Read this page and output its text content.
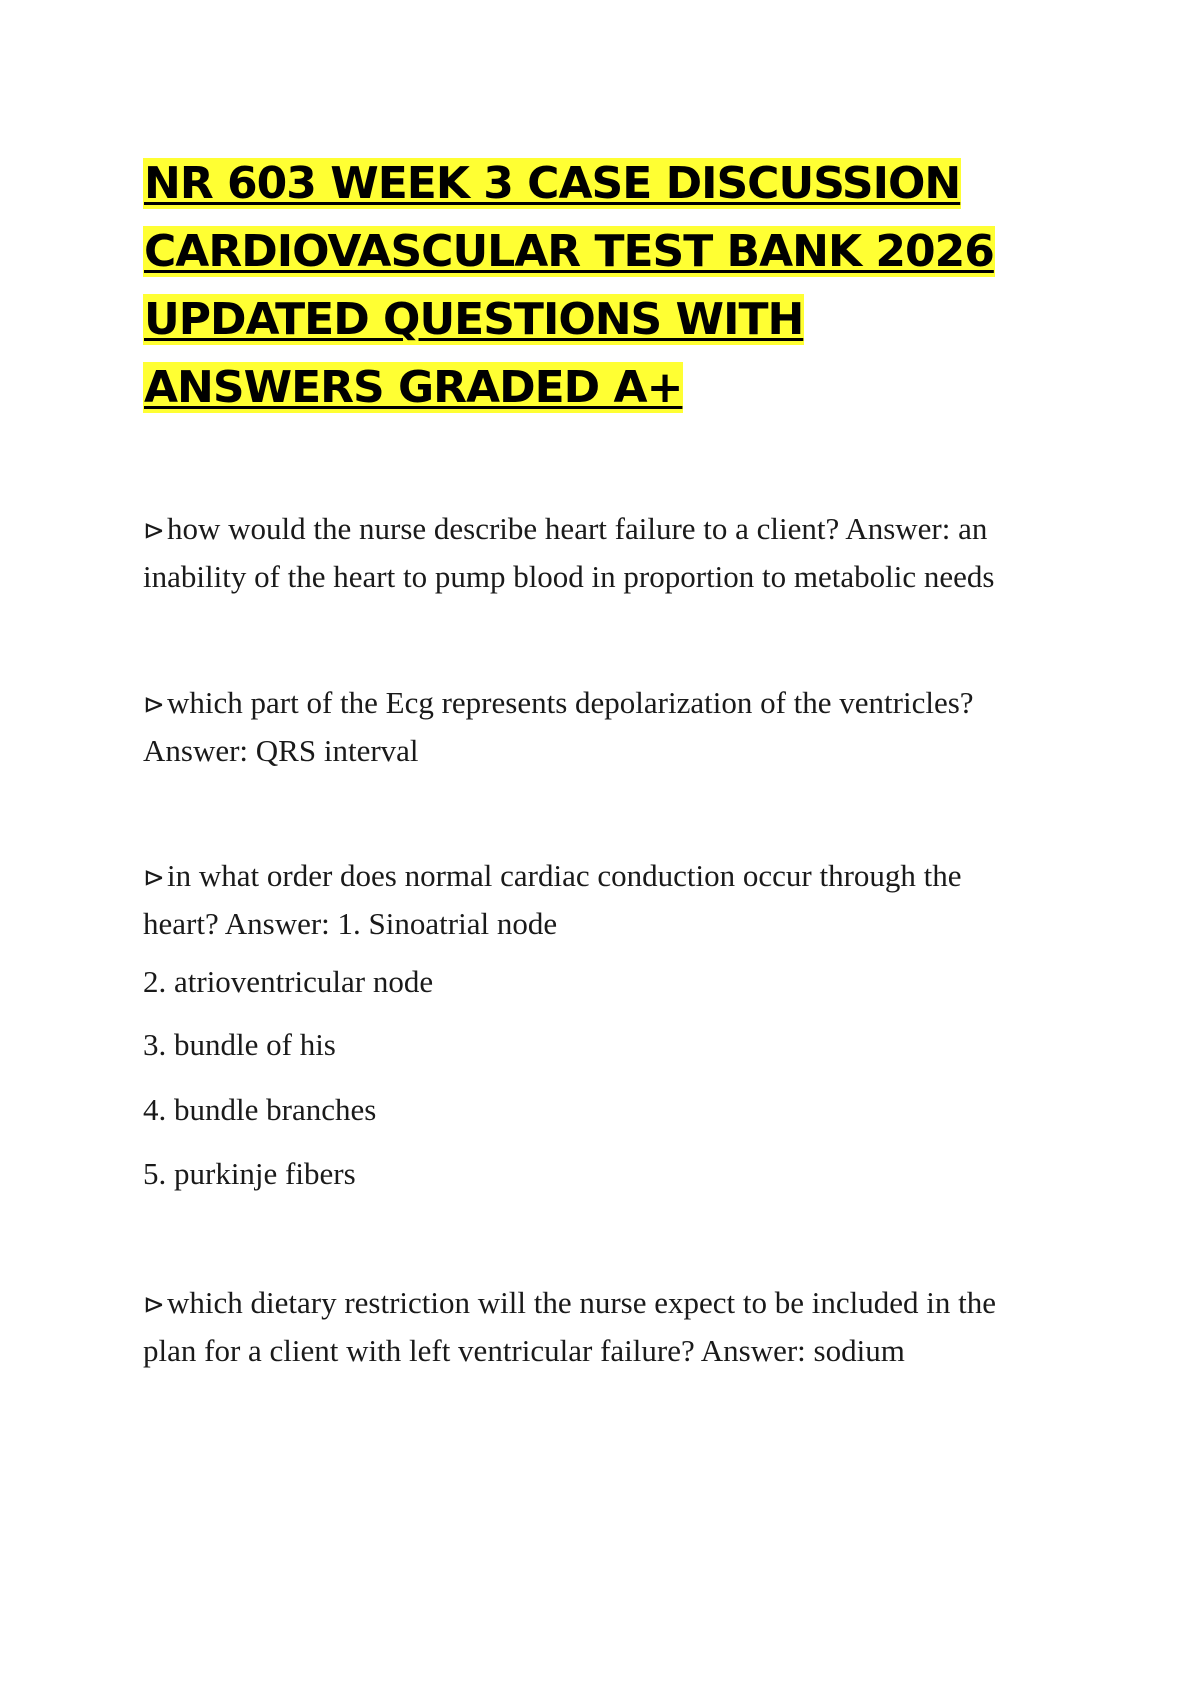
NR 603 WEEK 3 CASE DISCUSSION CARDIOVASCULAR TEST BANK 2026 UPDATED QUESTIONS WITH ANSWERS GRADED A+

⊳how would the nurse describe heart failure to a client? Answer: an inability of the heart to pump blood in proportion to metabolic needs

⊳which part of the Ecg represents depolarization of the ventricles? Answer: QRS interval

⊳in what order does normal cardiac conduction occur through the heart? Answer: 1. Sinoatrial node

2. atrioventricular node

3. bundle of his

4. bundle branches

5. purkinje fibers

⊳which dietary restriction will the nurse expect to be included in the plan for a client with left ventricular failure? Answer: sodium
